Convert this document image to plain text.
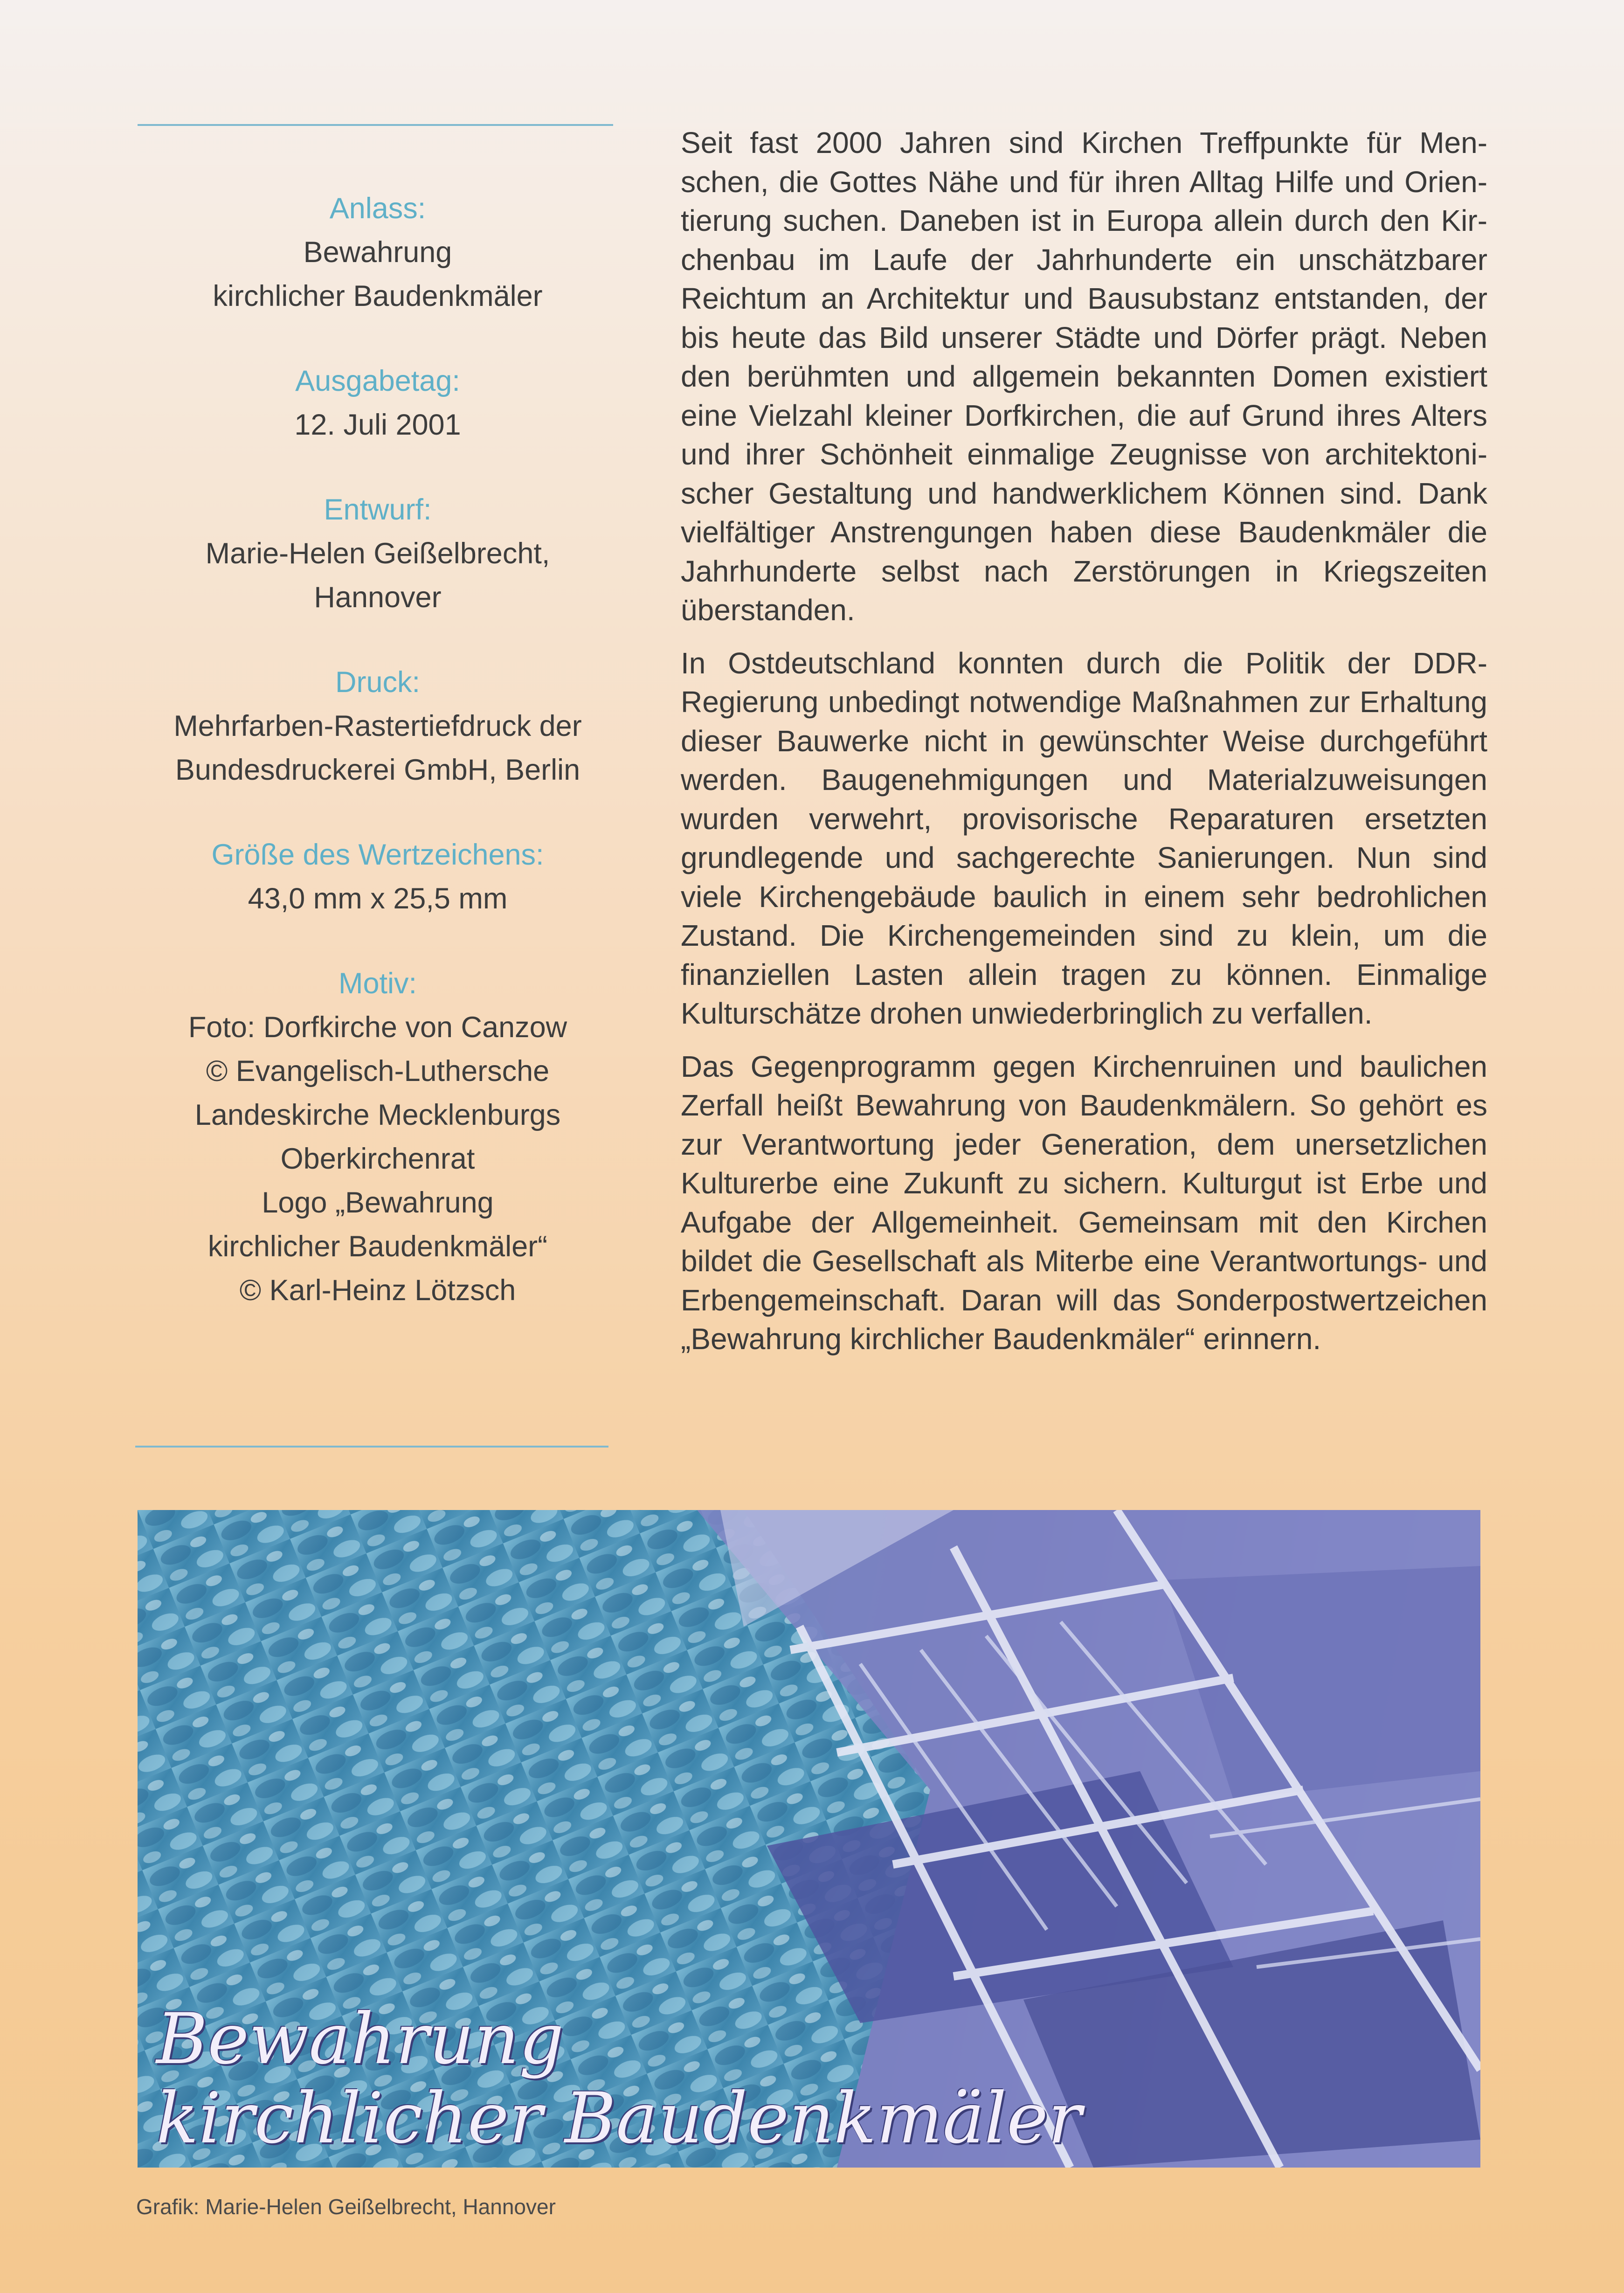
Anlass:
Bewahrung
kirchlicher Baudenkmäler
Ausgabetag:
12. Juli 2001
Entwurf:
Marie-Helen Geißelbrecht,
Hannover
Druck:
Mehrfarben-Rastertiefdruck der
Bundesdruckerei GmbH, Berlin
Größe des Wertzeichens:
43,0 mm x 25,5 mm
Motiv:
Foto: Dorfkirche von Canzow
© Evangelisch-Luthersche
Landeskirche Mecklenburgs
Oberkirchenrat
Logo „Bewahrung
kirchlicher Baudenkmäler“
© Karl-Heinz Lötzsch

Seit fast 2000 Jahren sind Kirchen Treffpunkte für Menschen, die Gottes Nähe und für ihren Alltag Hilfe und Orientierung suchen. Daneben ist in Europa allein durch den Kirchenbau im Laufe der Jahrhunderte ein unschätzbarer Reichtum an Architektur und Bausubstanz entstanden, der bis heute das Bild unserer Städte und Dörfer prägt. Neben den berühmten und allgemein bekannten Domen existiert eine Vielzahl kleiner Dorfkirchen, die auf Grund ihres Alters und ihrer Schönheit einmalige Zeugnisse von architektonischer Gestaltung und handwerklichem Können sind. Dank vielfältiger Anstrengungen haben diese Baudenkmäler die Jahrhunderte selbst nach Zerstörungen in Kriegszeiten überstanden.

In Ostdeutschland konnten durch die Politik der DDR-Regierung unbedingt notwendige Maßnahmen zur Erhaltung dieser Bauwerke nicht in gewünschter Weise durchgeführt werden. Baugenehmigungen und Materialzuweisungen wurden verwehrt, provisorische Reparaturen ersetzten grundlegende und sachgerechte Sanierungen. Nun sind viele Kirchengebäude baulich in einem sehr bedrohlichen Zustand. Die Kirchengemeinden sind zu klein, um die finanziellen Lasten allein tragen zu können. Einmalige Kulturschätze drohen unwiederbringlich zu verfallen.

Das Gegenprogramm gegen Kirchenruinen und baulichen Zerfall heißt Bewahrung von Baudenkmälern. So gehört es zur Verantwortung jeder Generation, dem unersetzlichen Kulturerbe eine Zukunft zu sichern. Kulturgut ist Erbe und Aufgabe der Allgemeinheit. Gemeinsam mit den Kirchen bildet die Gesellschaft als Miterbe eine Verantwortungs- und Erbengemeinschaft. Daran will das Sonderpostwertzeichen „Bewahrung kirchlicher Baudenkmäler“ erinnern.

Bewahrung
kirchlicher Baudenkmäler
Grafik: Marie-Helen Geißelbrecht, Hannover
